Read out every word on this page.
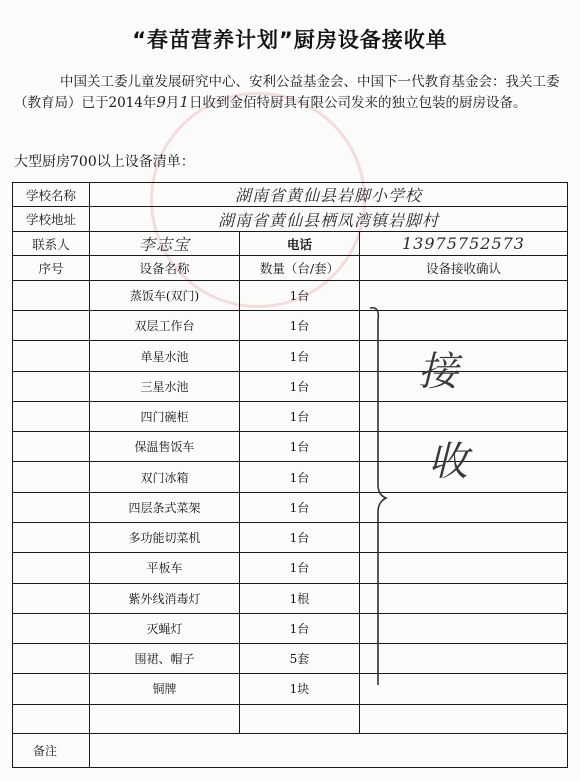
“春苗营养计划”厨房设备接收单

中国关工委儿童发展研究中心、安利公益基金会、中国下一代教育基金会：我关工委（教育局）已于2014年9月1日收到金佰特厨具有限公司发来的独立包装的厨房设备。

大型厨房700以上设备清单：
学校名称	湖南省黄仙县岩脚小学校		
学校地址	湖南省黄仙县栖凤湾镇岩脚村		
联系人	李志宝	电话	13975752573
序号	设备名称	数量（台/套）	设备接收确认
	蒸饭车(双门)	1台	
	双层工作台	1台	
	单星水池	1台	
	三星水池	1台	
	四门碗柜	1台	
	保温售饭车	1台	
	双门冰箱	1台	
	四层条式菜架	1台	
	多功能切菜机	1台	
	平板车	1台	
	紫外线消毒灯	1根	
	灭蝇灯	1台	
	围裙、帽子	5套	
	铜牌	1块	

备注			
接
收
